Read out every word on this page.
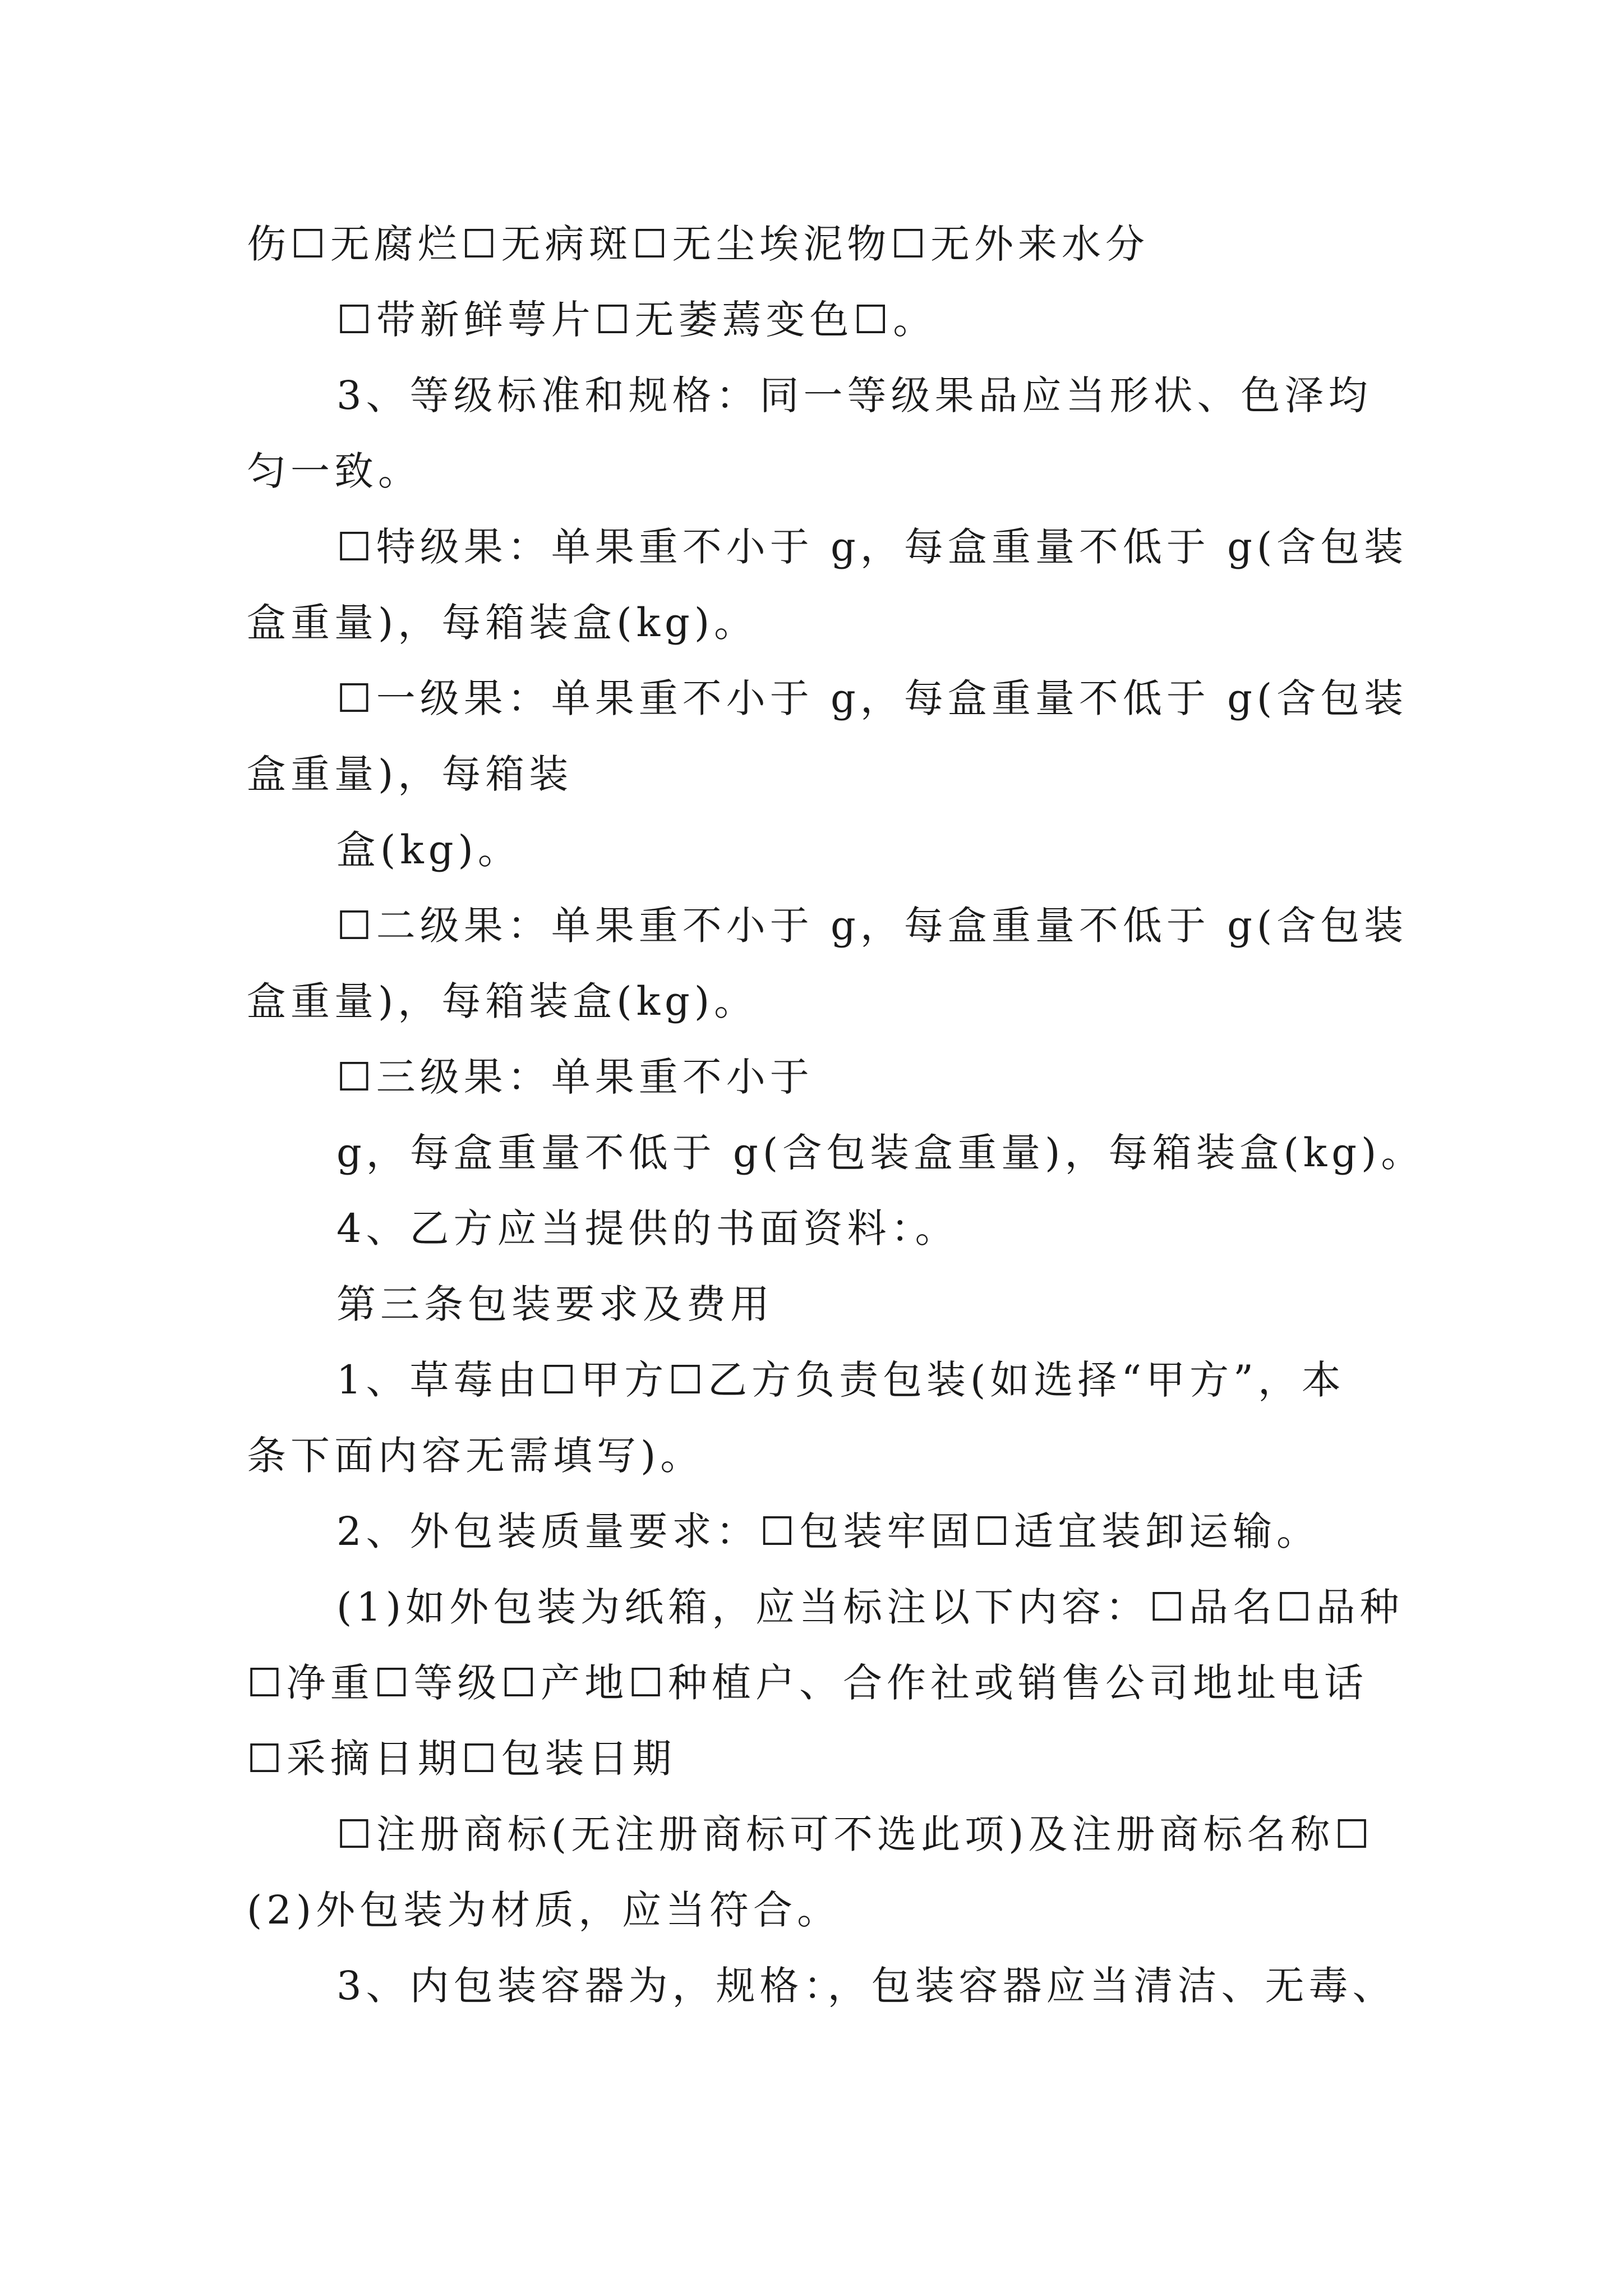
伤☐无腐烂☐无病斑☐无尘埃泥物☐无外来水分
☐带新鲜萼片☐无萎蔫变色☐。
3、等级标准和规格：同一等级果品应当形状、色泽均
匀一致。
☐特级果：单果重不小于 g，每盒重量不低于 g(含包装
盒重量)，每箱装盒(kg)。
☐一级果：单果重不小于 g，每盒重量不低于 g(含包装
盒重量)，每箱装
盒(kg)。
☐二级果：单果重不小于 g，每盒重量不低于 g(含包装
盒重量)，每箱装盒(kg)。
☐三级果：单果重不小于
g，每盒重量不低于 g(含包装盒重量)，每箱装盒(kg)。
4、乙方应当提供的书面资料：。
第三条包装要求及费用
1、草莓由☐甲方☐乙方负责包装(如选择“甲方”，本
条下面内容无需填写)。
2、外包装质量要求：☐包装牢固☐适宜装卸运输。
(1)如外包装为纸箱，应当标注以下内容：☐品名☐品种
☐净重☐等级☐产地☐种植户、合作社或销售公司地址电话
☐采摘日期☐包装日期
☐注册商标(无注册商标可不选此项)及注册商标名称☐
(2)外包装为材质，应当符合。
3、内包装容器为，规格：，包装容器应当清洁、无毒、
